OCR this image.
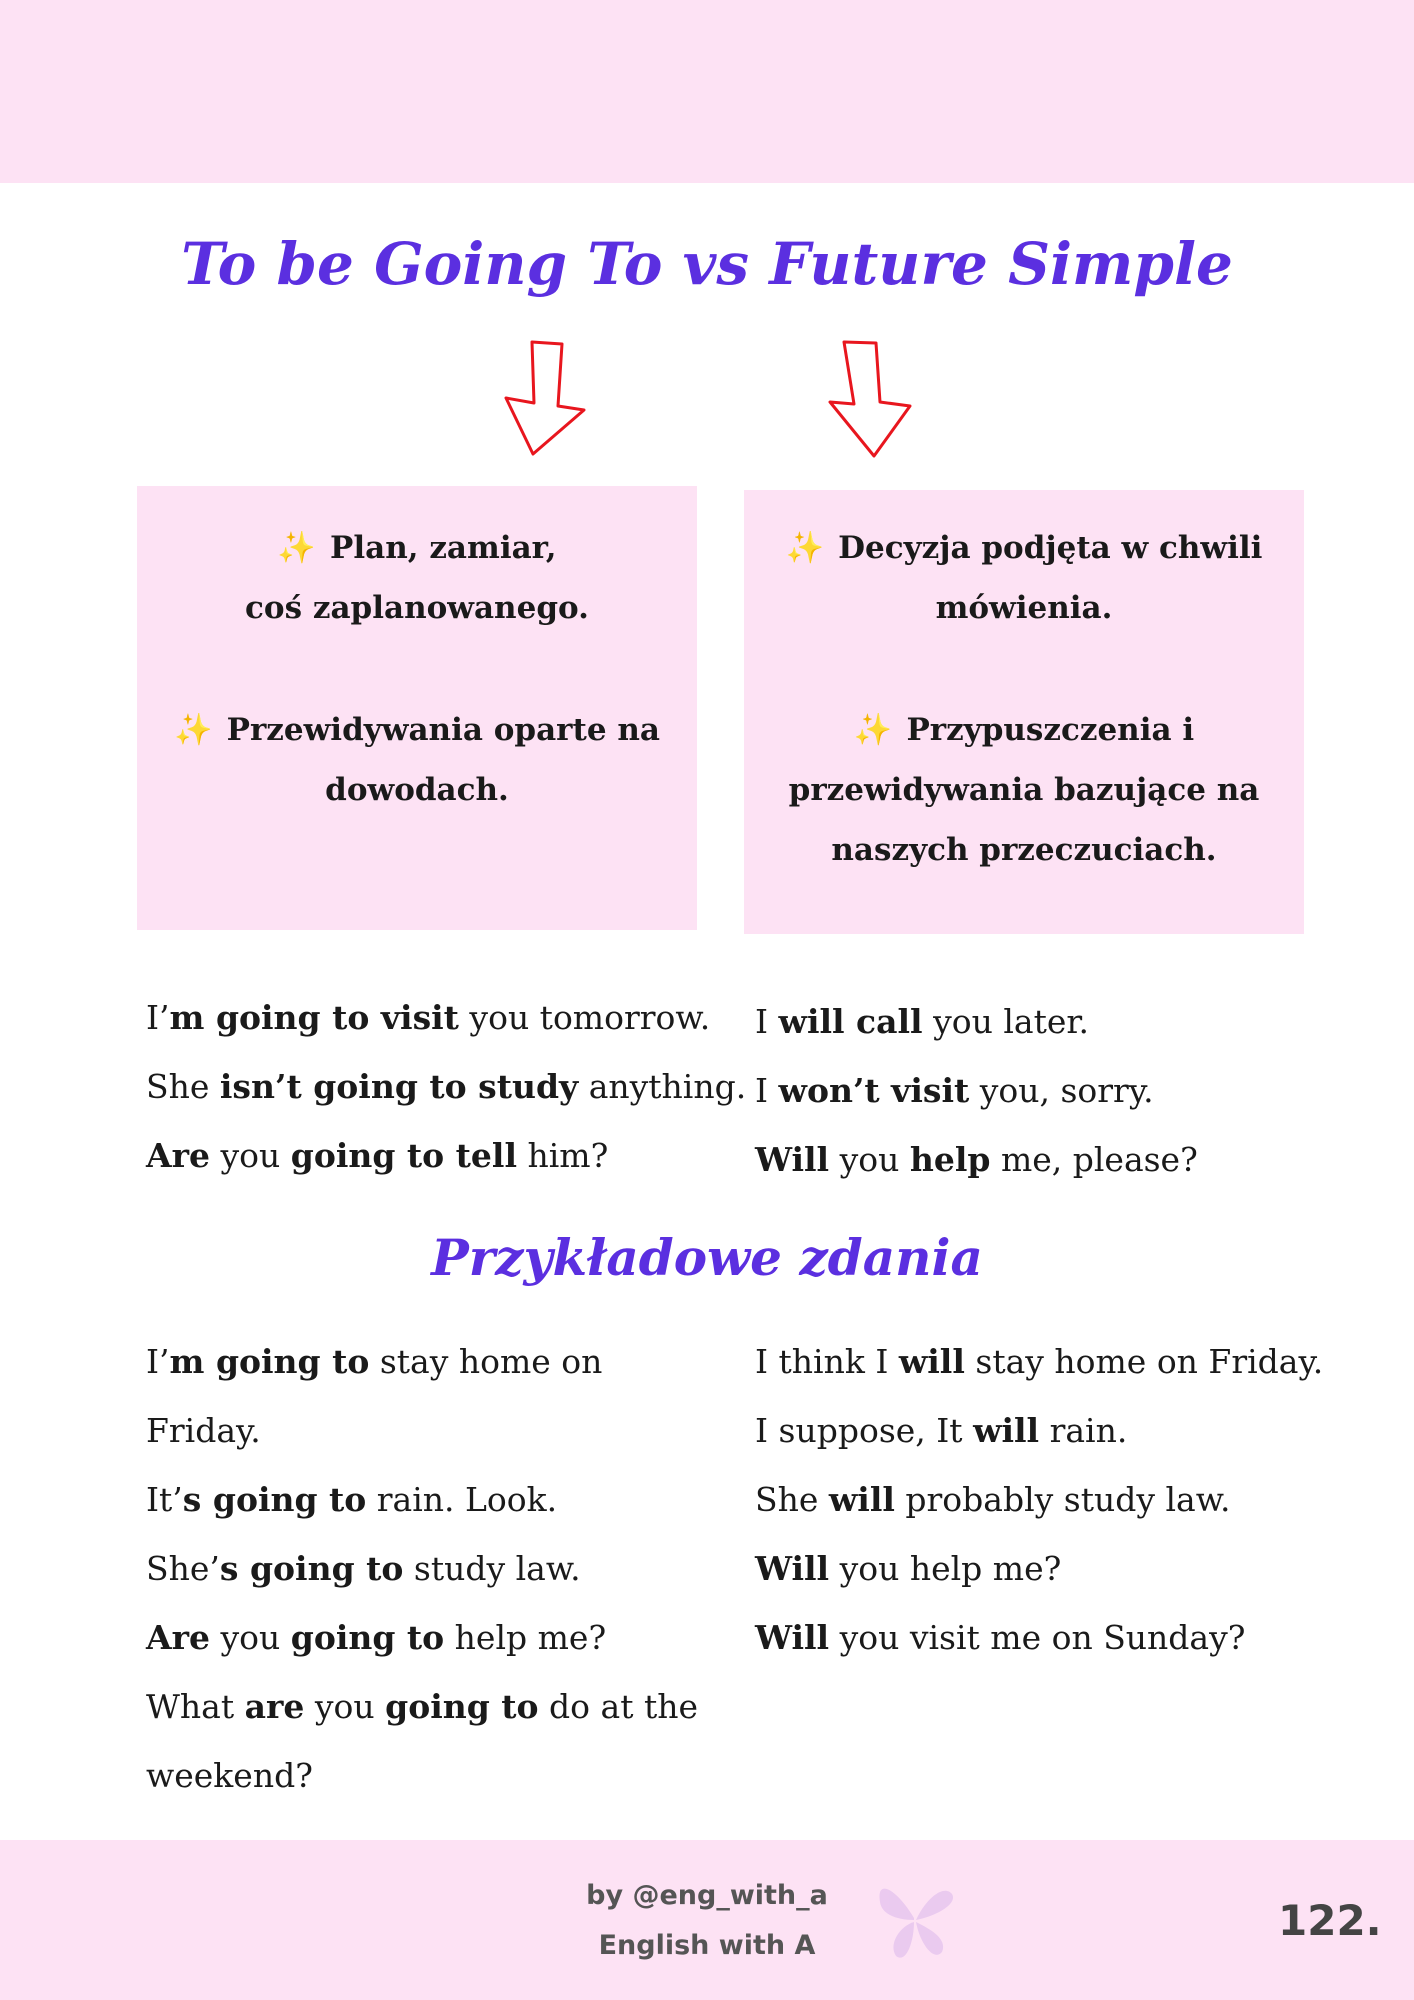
To be Going To vs Future Simple

✨ Plan, zamiar,
coś zaplanowanego.

✨ Przewidywania oparte na
dowodach.

✨ Decyzja podjęta w chwili
mówienia.

✨ Przypuszczenia i
przewidywania bazujące na
naszych przeczuciach.

I’m going to visit you tomorrow.
She isn’t going to study anything.
Are you going to tell him?
I will call you later.
I won’t visit you, sorry.
Will you help me, please?
Przykładowe zdania
I’m going to stay home on Friday.
It’s going to rain. Look.
She’s going to study law.
Are you going to help me?
What are you going to do at the weekend?
I think I will stay home on Friday.
I suppose, It will rain.
She will probably study law.
Will you help me?
Will you visit me on Sunday?
by @eng_with_a
English with A
122.
